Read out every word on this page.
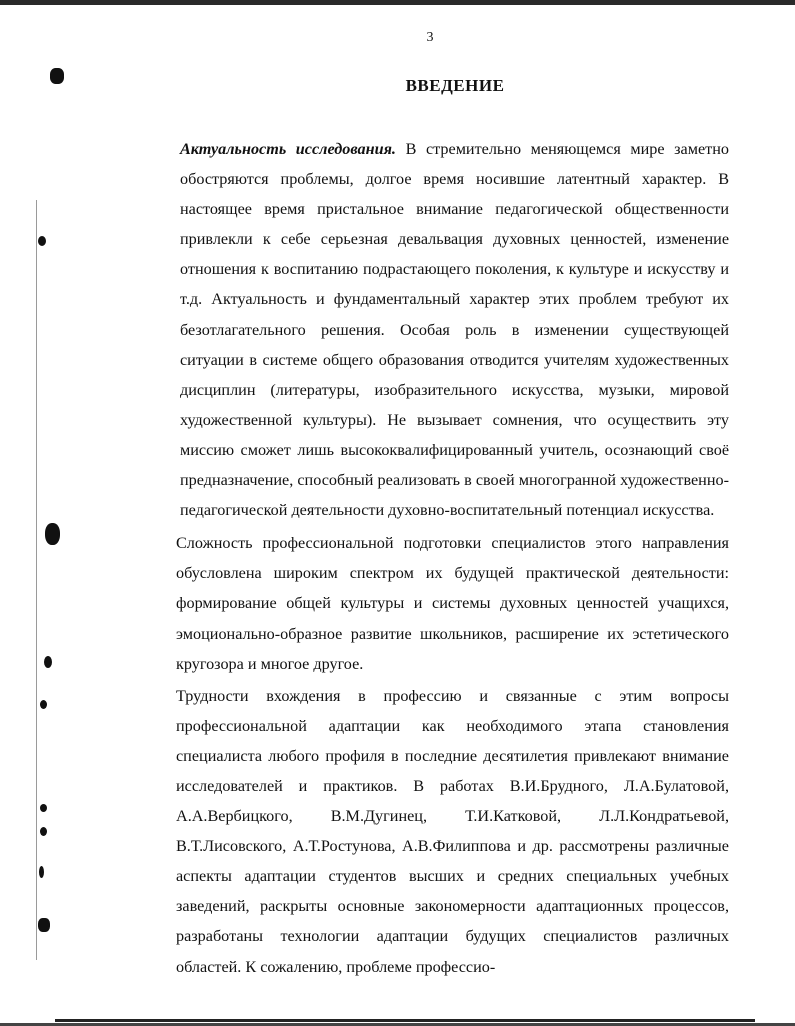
3
ВВЕДЕНИЕ

Актуальность исследования. В стремительно меняющемся мире заметно обостряются проблемы, долгое время носившие латентный характер. В настоящее время пристальное внимание педагогической общественности привлекли к себе серьезная девальвация духовных ценностей, изменение отношения к воспитанию подрастающего поколения, к культуре и искусству и т.д. Актуальность и фундаментальный характер этих проблем требуют их безотлагательного решения. Особая роль в изменении существующей ситуации в системе общего образования отводится учителям художественных дисциплин (литературы, изобразительного искусства, музыки, мировой художественной культуры). Не вызывает сомнения, что осуществить эту миссию сможет лишь высококвалифицированный учитель, осознающий своё предназначение, способный реализовать в своей многогранной художественно-педагогической деятельности духовно-воспитательный потенциал искусства.

Сложность профессиональной подготовки специалистов этого направления обусловлена широким спектром их будущей практической деятельности: формирование общей культуры и системы духовных ценностей учащихся, эмоционально-образное развитие школьников, расширение их эстетического кругозора и многое другое.

Трудности вхождения в профессию и связанные с этим вопросы профессиональной адаптации как необходимого этапа становления специалиста любого профиля в последние десятилетия привлекают внимание исследователей и практиков. В работах В.И.Брудного, Л.А.Булатовой, А.А.Вербицкого, В.М.Дугинец, Т.И.Катковой, Л.Л.Кондратьевой, В.Т.Лисовского, А.Т.Ростунова, А.В.Филиппова и др. рассмотрены различные аспекты адаптации студентов высших и средних специальных учебных заведений, раскрыты основные закономерности адаптационных процессов, разработаны технологии адаптации будущих специалистов различных областей. К сожалению, проблеме профессио-
